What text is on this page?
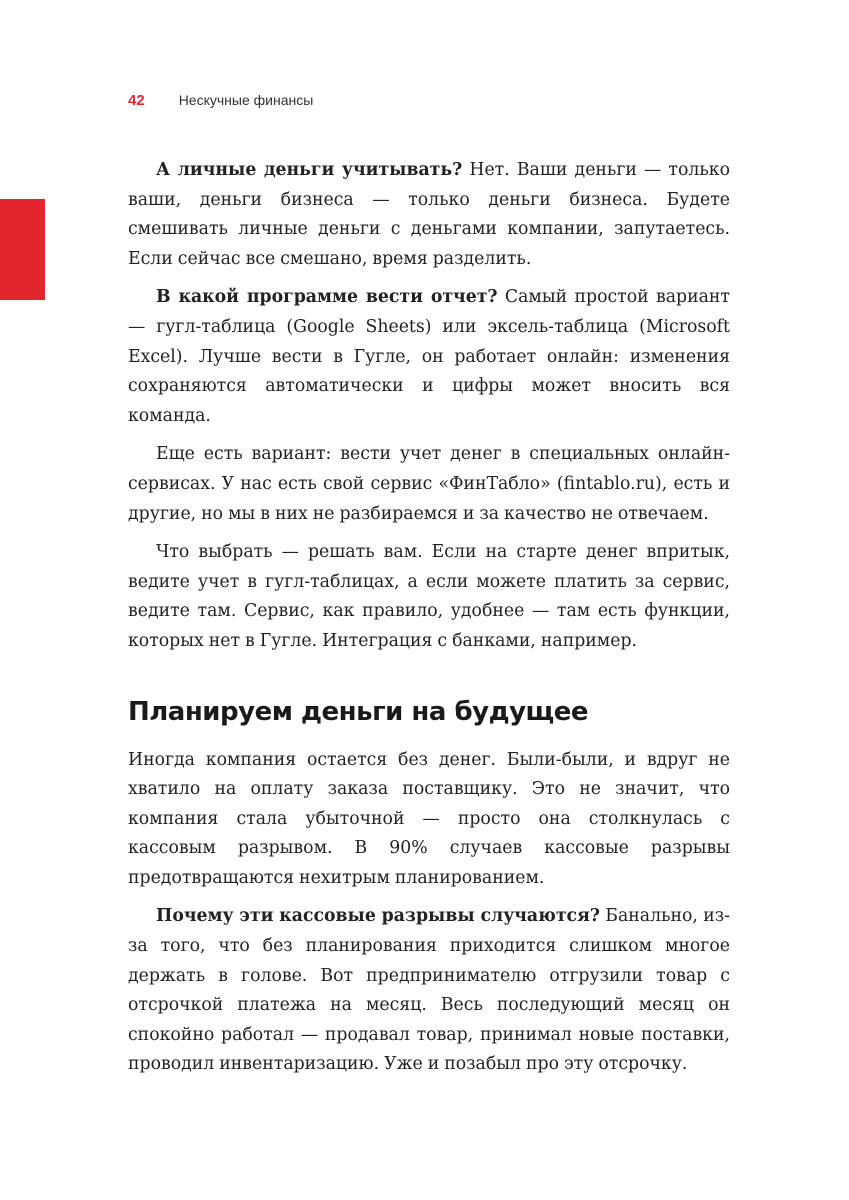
42 Нескучные финансы

А личные деньги учитывать? Нет. Ваши деньги — только ваши, деньги бизнеса — только деньги бизнеса. Будете смешивать личные деньги с деньгами компании, запутаетесь. Если сейчас все смешано, время разделить.

В какой программе вести отчет? Самый простой вариант — гугл-таблица (Google Sheets) или эксель-таблица (Microsoft Excel). Лучше вести в Гугле, он работает онлайн: изменения сохраняются автоматически и цифры может вносить вся команда.

Еще есть вариант: вести учет денег в специальных онлайн-сервисах. У нас есть свой сервис «ФинТабло» (fintablo.ru), есть и другие, но мы в них не разбираемся и за качество не отвечаем.

Что выбрать — решать вам. Если на старте денег впритык, ведите учет в гугл-таблицах, а если можете платить за сервис, ведите там. Сервис, как правило, удобнее — там есть функции, которых нет в Гугле. Интеграция с банками, например.

Планируем деньги на будущее

Иногда компания остается без денег. Были-были, и вдруг не хватило на оплату заказа поставщику. Это не значит, что компания стала убыточной — просто она столкнулась с кассовым разрывом. В 90% случаев кассовые разрывы предотвращаются нехитрым планированием.

Почему эти кассовые разрывы случаются? Банально, из-за того, что без планирования приходится слишком многое держать в голове. Вот предпринимателю отгрузили товар с отсрочкой платежа на месяц. Весь последующий месяц он спокойно работал — продавал товар, принимал новые поставки, проводил инвентаризацию. Уже и позабыл про эту отсрочку.
